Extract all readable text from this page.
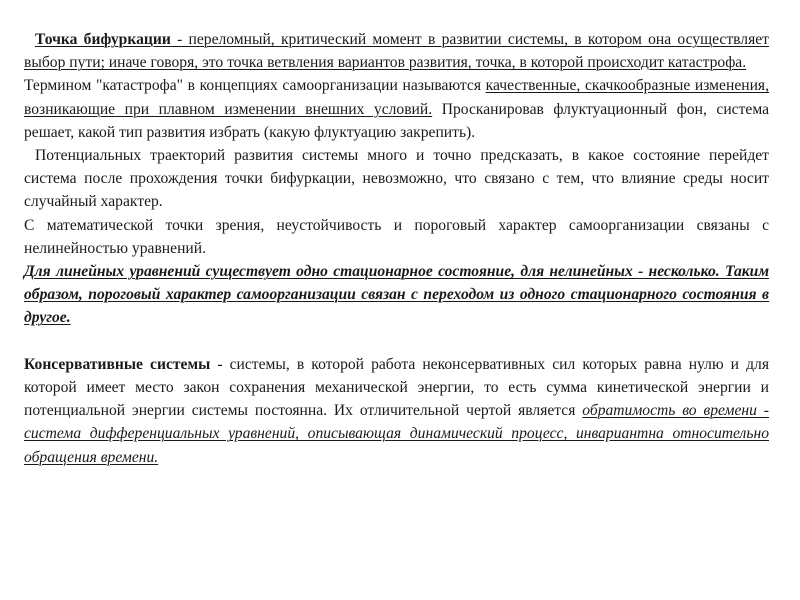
Точка бифуркации - переломный, критический момент в развитии системы, в котором она осуществляет выбор пути; иначе говоря, это точка ветвления вариантов развития, точка, в которой происходит катастрофа.

Термином "катастрофа" в концепциях самоорганизации называются качественные, скачкообразные изменения, возникающие при плавном изменении внешних условий. Просканировав флуктуационный фон, система решает, какой тип развития избрать (какую флуктуацию закрепить).

Потенциальных траекторий развития системы много и точно предсказать, в какое состояние перейдет система после прохождения точки бифуркации, невозможно, что связано с тем, что влияние среды носит случайный характер.

С математической точки зрения, неустойчивость и пороговый характер самоорганизации связаны с нелинейностью уравнений.

Для линейных уравнений существует одно стационарное состояние, для нелинейных - несколько. Таким образом, пороговый характер самоорганизации связан с переходом из одного стационарного состояния в другое.

Консервативные системы - системы, в которой работа неконсервативных сил которых равна нулю и для которой имеет место закон сохранения механической энергии, то есть сумма кинетической энергии и потенциальной энергии системы постоянна. Их отличительной чертой является обратимость во времени - система дифференциальных уравнений, описывающая динамический процесс, инвариантна относительно обращения времени.
